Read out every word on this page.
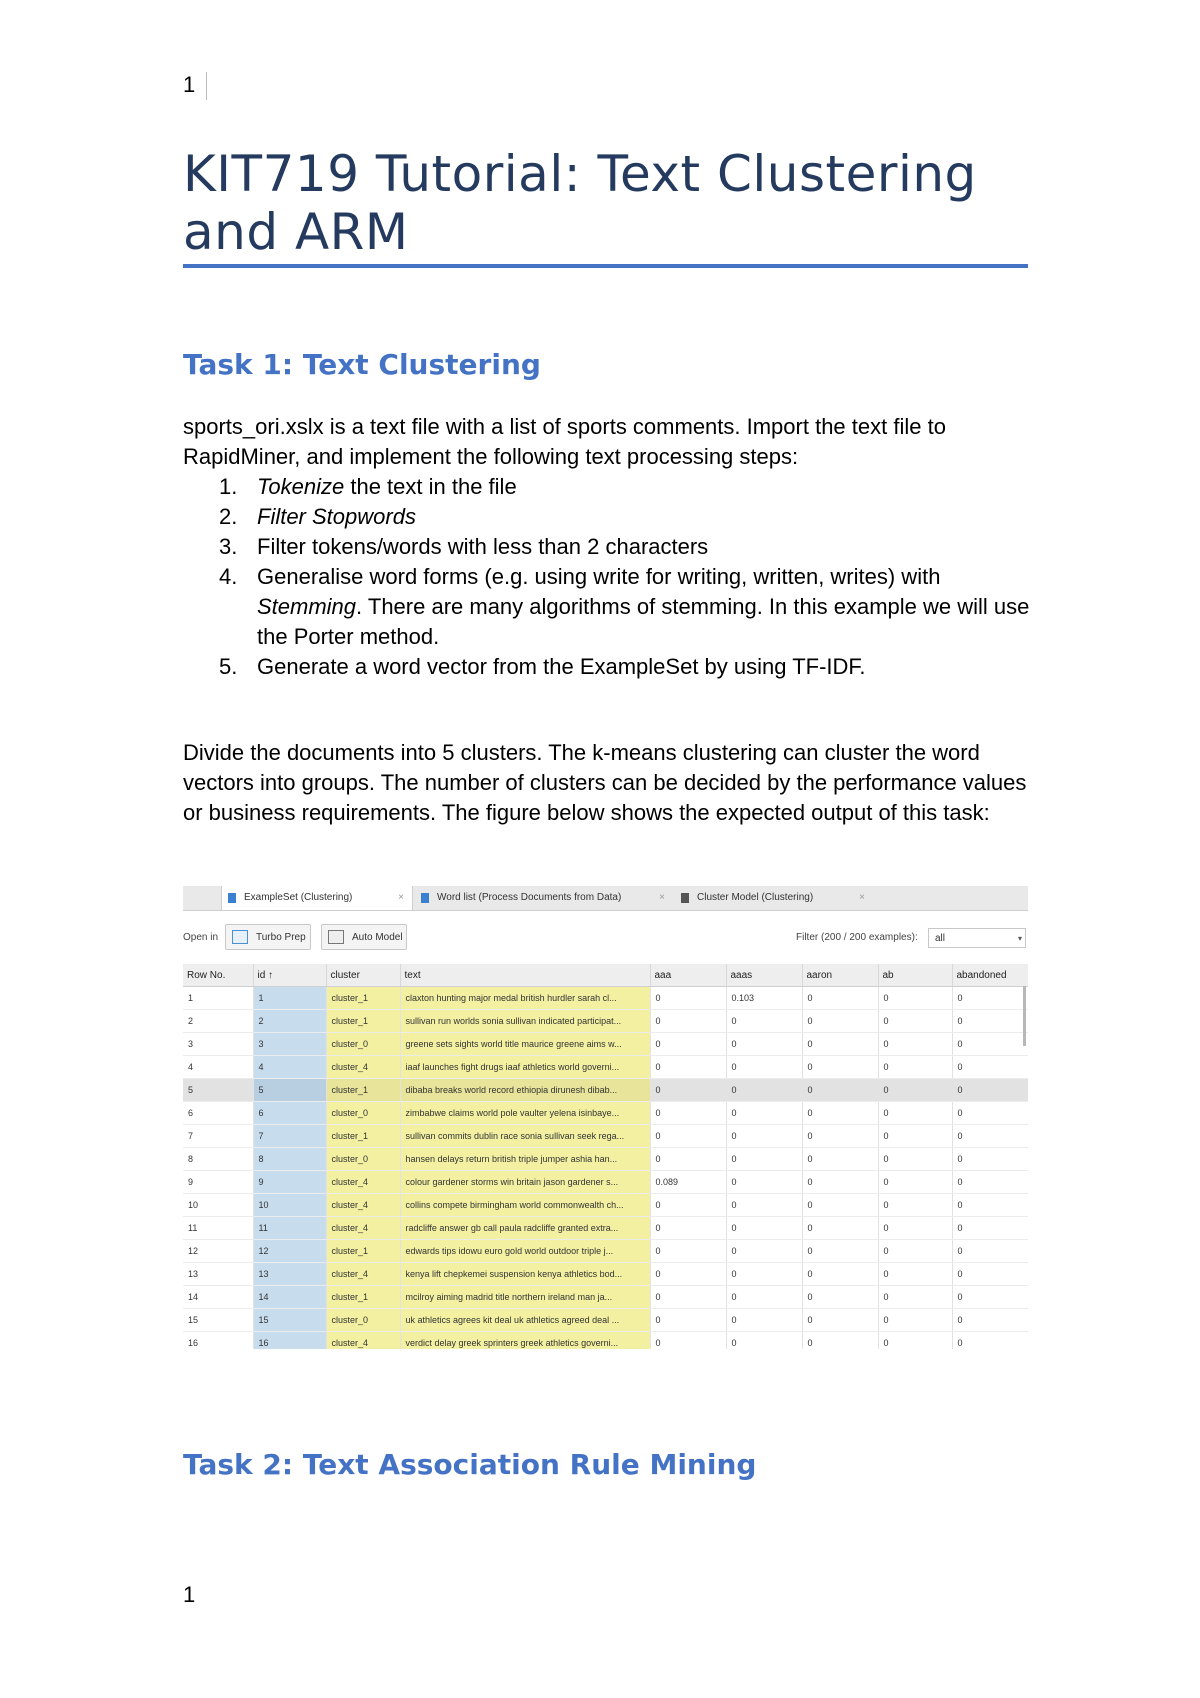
1
KIT719 Tutorial: Text Clustering and ARM
Task 1: Text Clustering

sports_ori.xslx is a text file with a list of sports comments. Import the text file to RapidMiner, and implement the following text processing steps:

1. Tokenize the text in the file
2. Filter Stopwords
3. Filter tokens/words with less than 2 characters
4. Generalise word forms (e.g. using write for writing, written, writes) with Stemming. There are many algorithms of stemming. In this example we will use the Porter method.
5. Generate a word vector from the ExampleSet by using TF-IDF.

Divide the documents into 5 clusters. The k-means clustering can cluster the word vectors into groups. The number of clusters can be decided by the performance values or business requirements. The figure below shows the expected output of this task:

ExampleSet (Clustering)	×	Word list (Process Documents from Data)	×	Cluster Model (Clustering)	×
Open in	Turbo Prep	Auto Model	Filter (200 / 200 examples):	all	▾
Row No.	id ↑	cluster	text	aaa	aaas	aaron	ab	abandoned
1	1	cluster_1	claxton hunting major medal british hurdler sarah cl...	0	0.103	0	0	0
2	2	cluster_1	sullivan run worlds sonia sullivan indicated participat...	0	0	0	0	0
3	3	cluster_0	greene sets sights world title maurice greene aims w...	0	0	0	0	0
4	4	cluster_4	iaaf launches fight drugs iaaf athletics world governi...	0	0	0	0	0
5	5	cluster_1	dibaba breaks world record ethiopia dirunesh dibab...	0	0	0	0	0
6	6	cluster_0	zimbabwe claims world pole vaulter yelena isinbaye...	0	0	0	0	0
7	7	cluster_1	sullivan commits dublin race sonia sullivan seek rega...	0	0	0	0	0
8	8	cluster_0	hansen delays return british triple jumper ashia han...	0	0	0	0	0
9	9	cluster_4	colour gardener storms win britain jason gardener s...	0.089	0	0	0	0
10	10	cluster_4	collins compete birmingham world commonwealth ch...	0	0	0	0	0
11	11	cluster_4	radcliffe answer gb call paula radcliffe granted extra...	0	0	0	0	0
12	12	cluster_1	edwards tips idowu euro gold world outdoor triple j...	0	0	0	0	0
13	13	cluster_4	kenya lift chepkemei suspension kenya athletics bod...	0	0	0	0	0
14	14	cluster_1	mcilroy aiming madrid title northern ireland man ja...	0	0	0	0	0
15	15	cluster_0	uk athletics agrees kit deal uk athletics agreed deal ...	0	0	0	0	0
16	16	cluster_4	verdict delay greek sprinters greek athletics governi...	0	0	0	0	0
Task 2: Text Association Rule Mining
1
